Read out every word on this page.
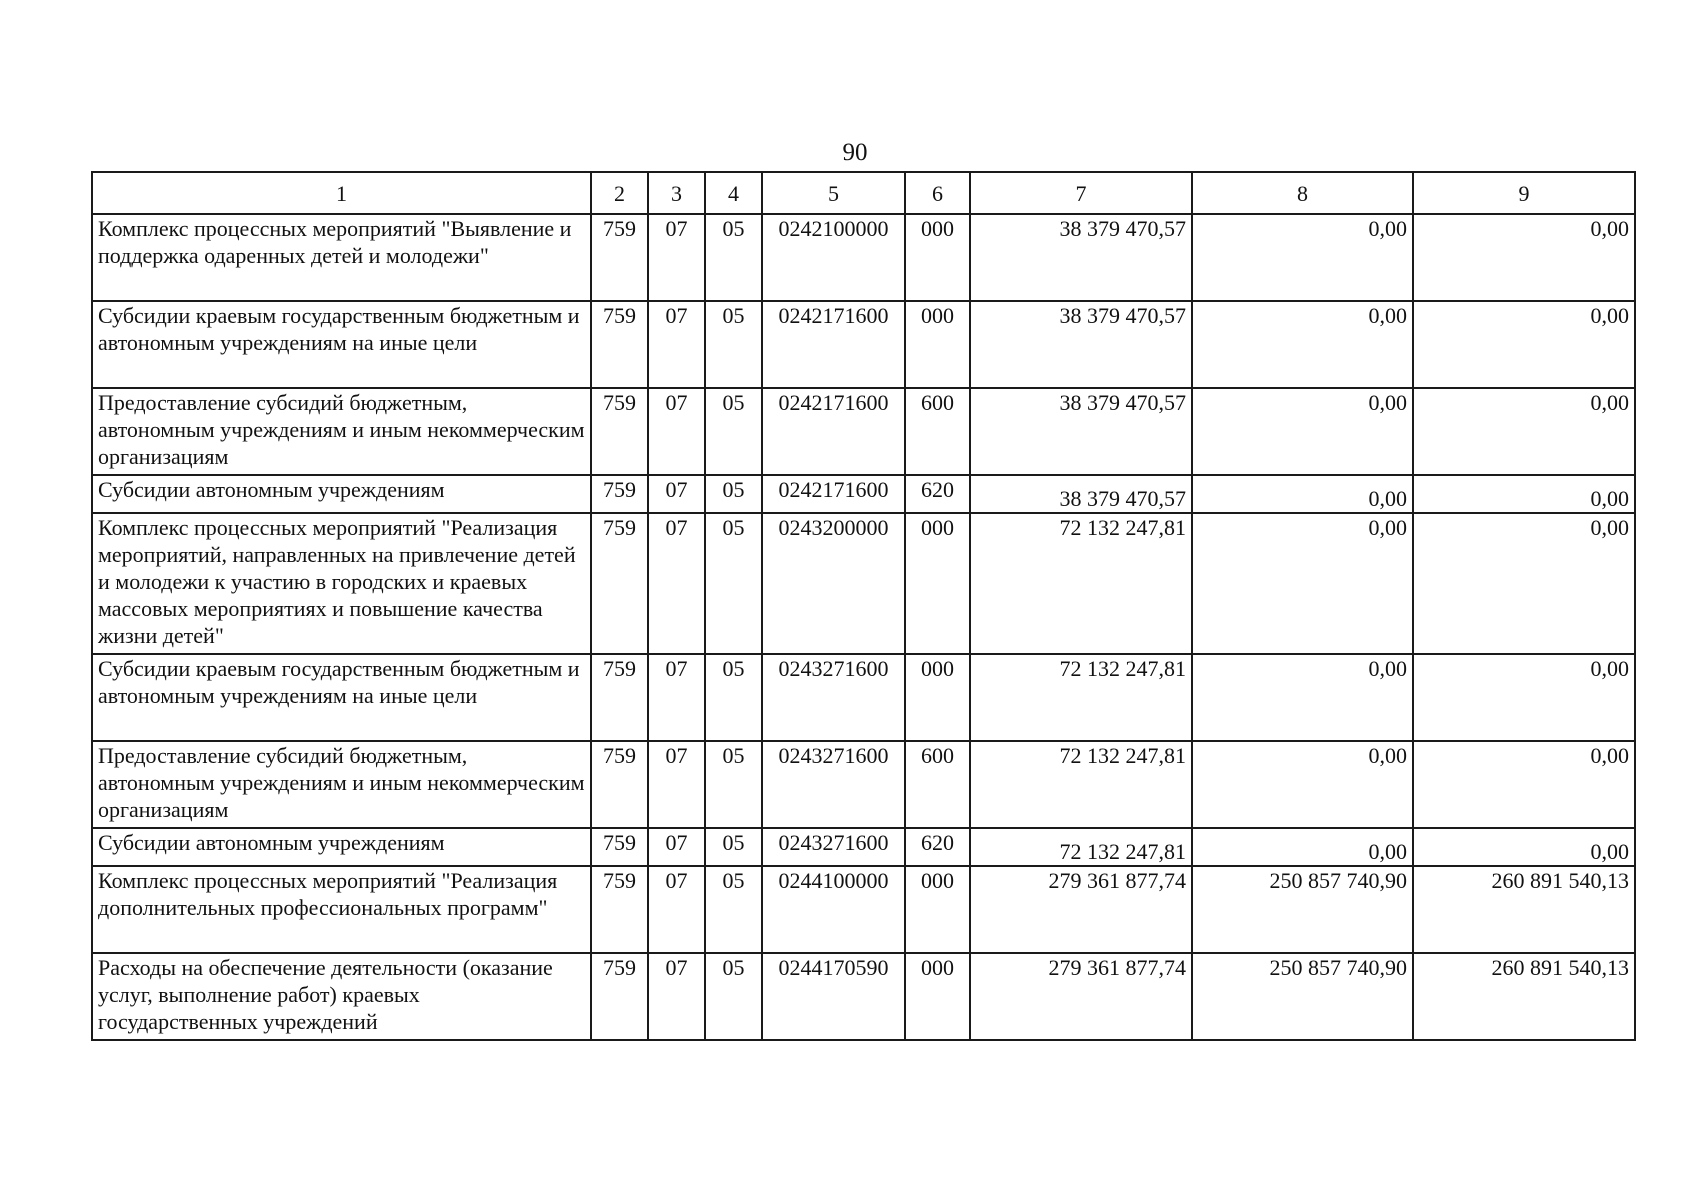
90
1	2	3	4	5	6	7	8	9
Комплекс процессных мероприятий "Выявление и поддержка одаренных детей и молодежи"	759	07	05	0242100000	000	38 379 470,57	0,00	0,00
Субсидии краевым государственным бюджетным и автономным учреждениям на иные цели	759	07	05	0242171600	000	38 379 470,57	0,00	0,00
Предоставление субсидий бюджетным, автономным учреждениям и иным некоммерческим организациям	759	07	05	0242171600	600	38 379 470,57	0,00	0,00
Субсидии автономным учреждениям	759	07	05	0242171600	620	38 379 470,57	0,00	0,00
Комплекс процессных мероприятий "Реализация мероприятий, направленных на привлечение детей и молодежи к участию в городских и краевых массовых мероприятиях и повышение качества жизни детей"	759	07	05	0243200000	000	72 132 247,81	0,00	0,00
Субсидии краевым государственным бюджетным и автономным учреждениям на иные цели	759	07	05	0243271600	000	72 132 247,81	0,00	0,00
Предоставление субсидий бюджетным, автономным учреждениям и иным некоммерческим организациям	759	07	05	0243271600	600	72 132 247,81	0,00	0,00
Субсидии автономным учреждениям	759	07	05	0243271600	620	72 132 247,81	0,00	0,00
Комплекс процессных мероприятий "Реализация дополнительных профессиональных программ"	759	07	05	0244100000	000	279 361 877,74	250 857 740,90	260 891 540,13
Расходы на обеспечение деятельности (оказание услуг, выполнение работ) краевых государственных учреждений	759	07	05	0244170590	000	279 361 877,74	250 857 740,90	260 891 540,13
